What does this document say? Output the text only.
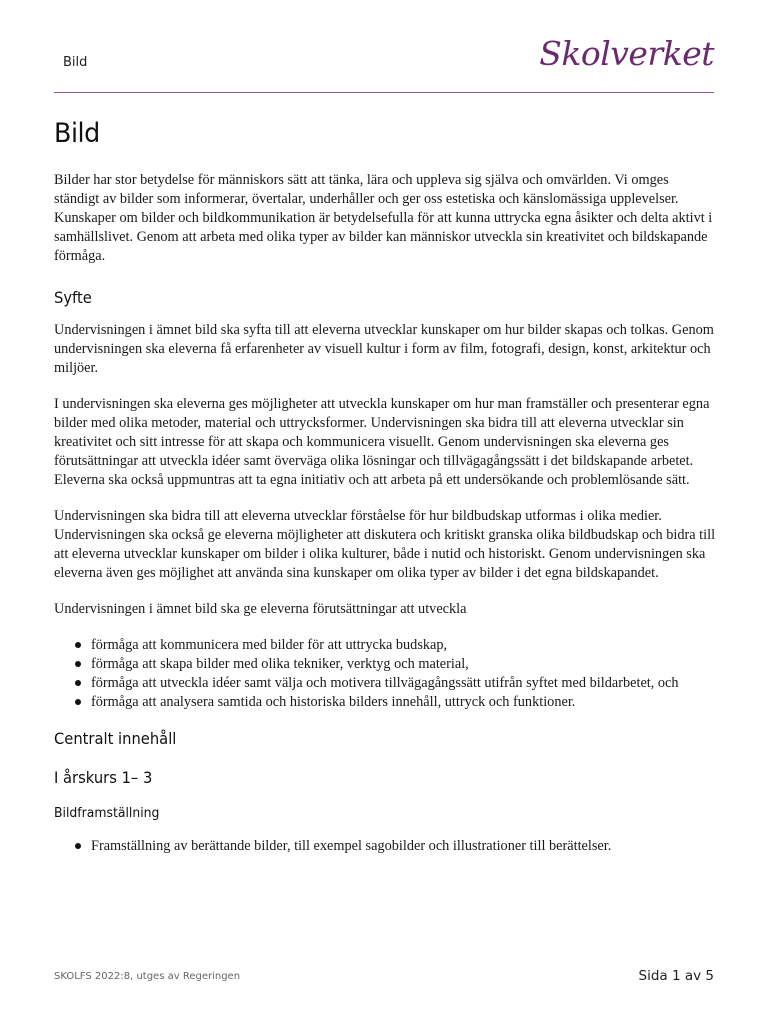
Bild	Skolverket
Bild

Bilder har stor betydelse för människors sätt att tänka, lära och uppleva sig själva och omvärlden. Vi omges ständigt av bilder som informerar, övertalar, underhåller och ger oss estetiska och känslomässiga upplevelser. Kunskaper om bilder och bildkommunikation är betydelsefulla för att kunna uttrycka egna åsikter och delta aktivt i samhällslivet. Genom att arbeta med olika typer av bilder kan människor utveckla sin kreativitet och bildskapande förmåga.

Syfte

Undervisningen i ämnet bild ska syfta till att eleverna utvecklar kunskaper om hur bilder skapas och tolkas. Genom undervisningen ska eleverna få erfarenheter av visuell kultur i form av film, fotografi, design, konst, arkitektur och miljöer.

I undervisningen ska eleverna ges möjligheter att utveckla kunskaper om hur man framställer och presenterar egna bilder med olika metoder, material och uttrycksformer. Undervisningen ska bidra till att eleverna utvecklar sin kreativitet och sitt intresse för att skapa och kommunicera visuellt. Genom undervisningen ska eleverna ges förutsättningar att utveckla idéer samt överväga olika lösningar och tillvägagångssätt i det bildskapande arbetet. Eleverna ska också uppmuntras att ta egna initiativ och att arbeta på ett undersökande och problemlösande sätt.

Undervisningen ska bidra till att eleverna utvecklar förståelse för hur bildbudskap utformas i olika medier. Undervisningen ska också ge eleverna möjligheter att diskutera och kritiskt granska olika bildbudskap och bidra till att eleverna utvecklar kunskaper om bilder i olika kulturer, både i nutid och historiskt. Genom undervisningen ska eleverna även ges möjlighet att använda sina kunskaper om olika typer av bilder i det egna bildskapandet.

Undervisningen i ämnet bild ska ge eleverna förutsättningar att utveckla

förmåga att kommunicera med bilder för att uttrycka budskap,
förmåga att skapa bilder med olika tekniker, verktyg och material,
förmåga att utveckla idéer samt välja och motivera tillvägagångssätt utifrån syftet med bildarbetet, och
förmåga att analysera samtida och historiska bilders innehåll, uttryck och funktioner.
Centralt innehåll
I årskurs 1– 3
Bildframställning
Framställning av berättande bilder, till exempel sagobilder och illustrationer till berättelser.
SKOLFS 2022:8, utges av Regeringen	Sida 1 av 5
